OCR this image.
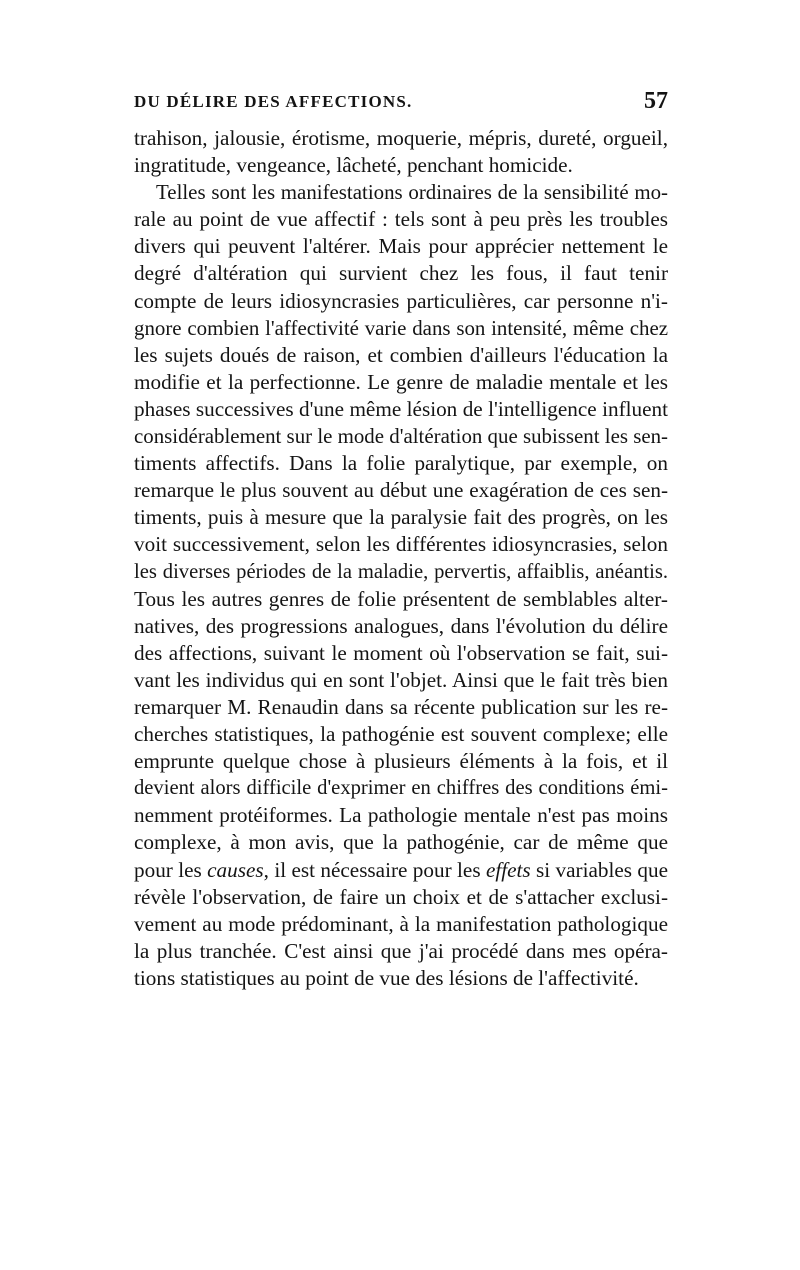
DU DÉLIRE DES AFFECTIONS.	57
trahison, jalousie, érotisme, moquerie, mépris, dureté, orgueil,
ingratitude, vengeance, lâcheté, penchant homicide.
Telles sont les manifestations ordinaires de la sensibilité mo-
rale au point de vue affectif : tels sont à peu près les troubles
divers qui peuvent l'altérer. Mais pour apprécier nettement le
degré d'altération qui survient chez les fous, il faut tenir
compte de leurs idiosyncrasies particulières, car personne n'i-
gnore combien l'affectivité varie dans son intensité, même chez
les sujets doués de raison, et combien d'ailleurs l'éducation la
modifie et la perfectionne. Le genre de maladie mentale et les
phases successives d'une même lésion de l'intelligence influent
considérablement sur le mode d'altération que subissent les sen-
timents affectifs. Dans la folie paralytique, par exemple, on
remarque le plus souvent au début une exagération de ces sen-
timents, puis à mesure que la paralysie fait des progrès, on les
voit successivement, selon les différentes idiosyncrasies, selon
les diverses périodes de la maladie, pervertis, affaiblis, anéantis.
Tous les autres genres de folie présentent de semblables alter-
natives, des progressions analogues, dans l'évolution du délire
des affections, suivant le moment où l'observation se fait, sui-
vant les individus qui en sont l'objet. Ainsi que le fait très bien
remarquer M. Renaudin dans sa récente publication sur les re-
cherches statistiques, la pathogénie est souvent complexe; elle
emprunte quelque chose à plusieurs éléments à la fois, et il
devient alors difficile d'exprimer en chiffres des conditions émi-
nemment protéiformes. La pathologie mentale n'est pas moins
complexe, à mon avis, que la pathogénie, car de même que
pour les causes, il est nécessaire pour les effets si variables que
révèle l'observation, de faire un choix et de s'attacher exclusi-
vement au mode prédominant, à la manifestation pathologique
la plus tranchée. C'est ainsi que j'ai procédé dans mes opéra-
tions statistiques au point de vue des lésions de l'affectivité.
